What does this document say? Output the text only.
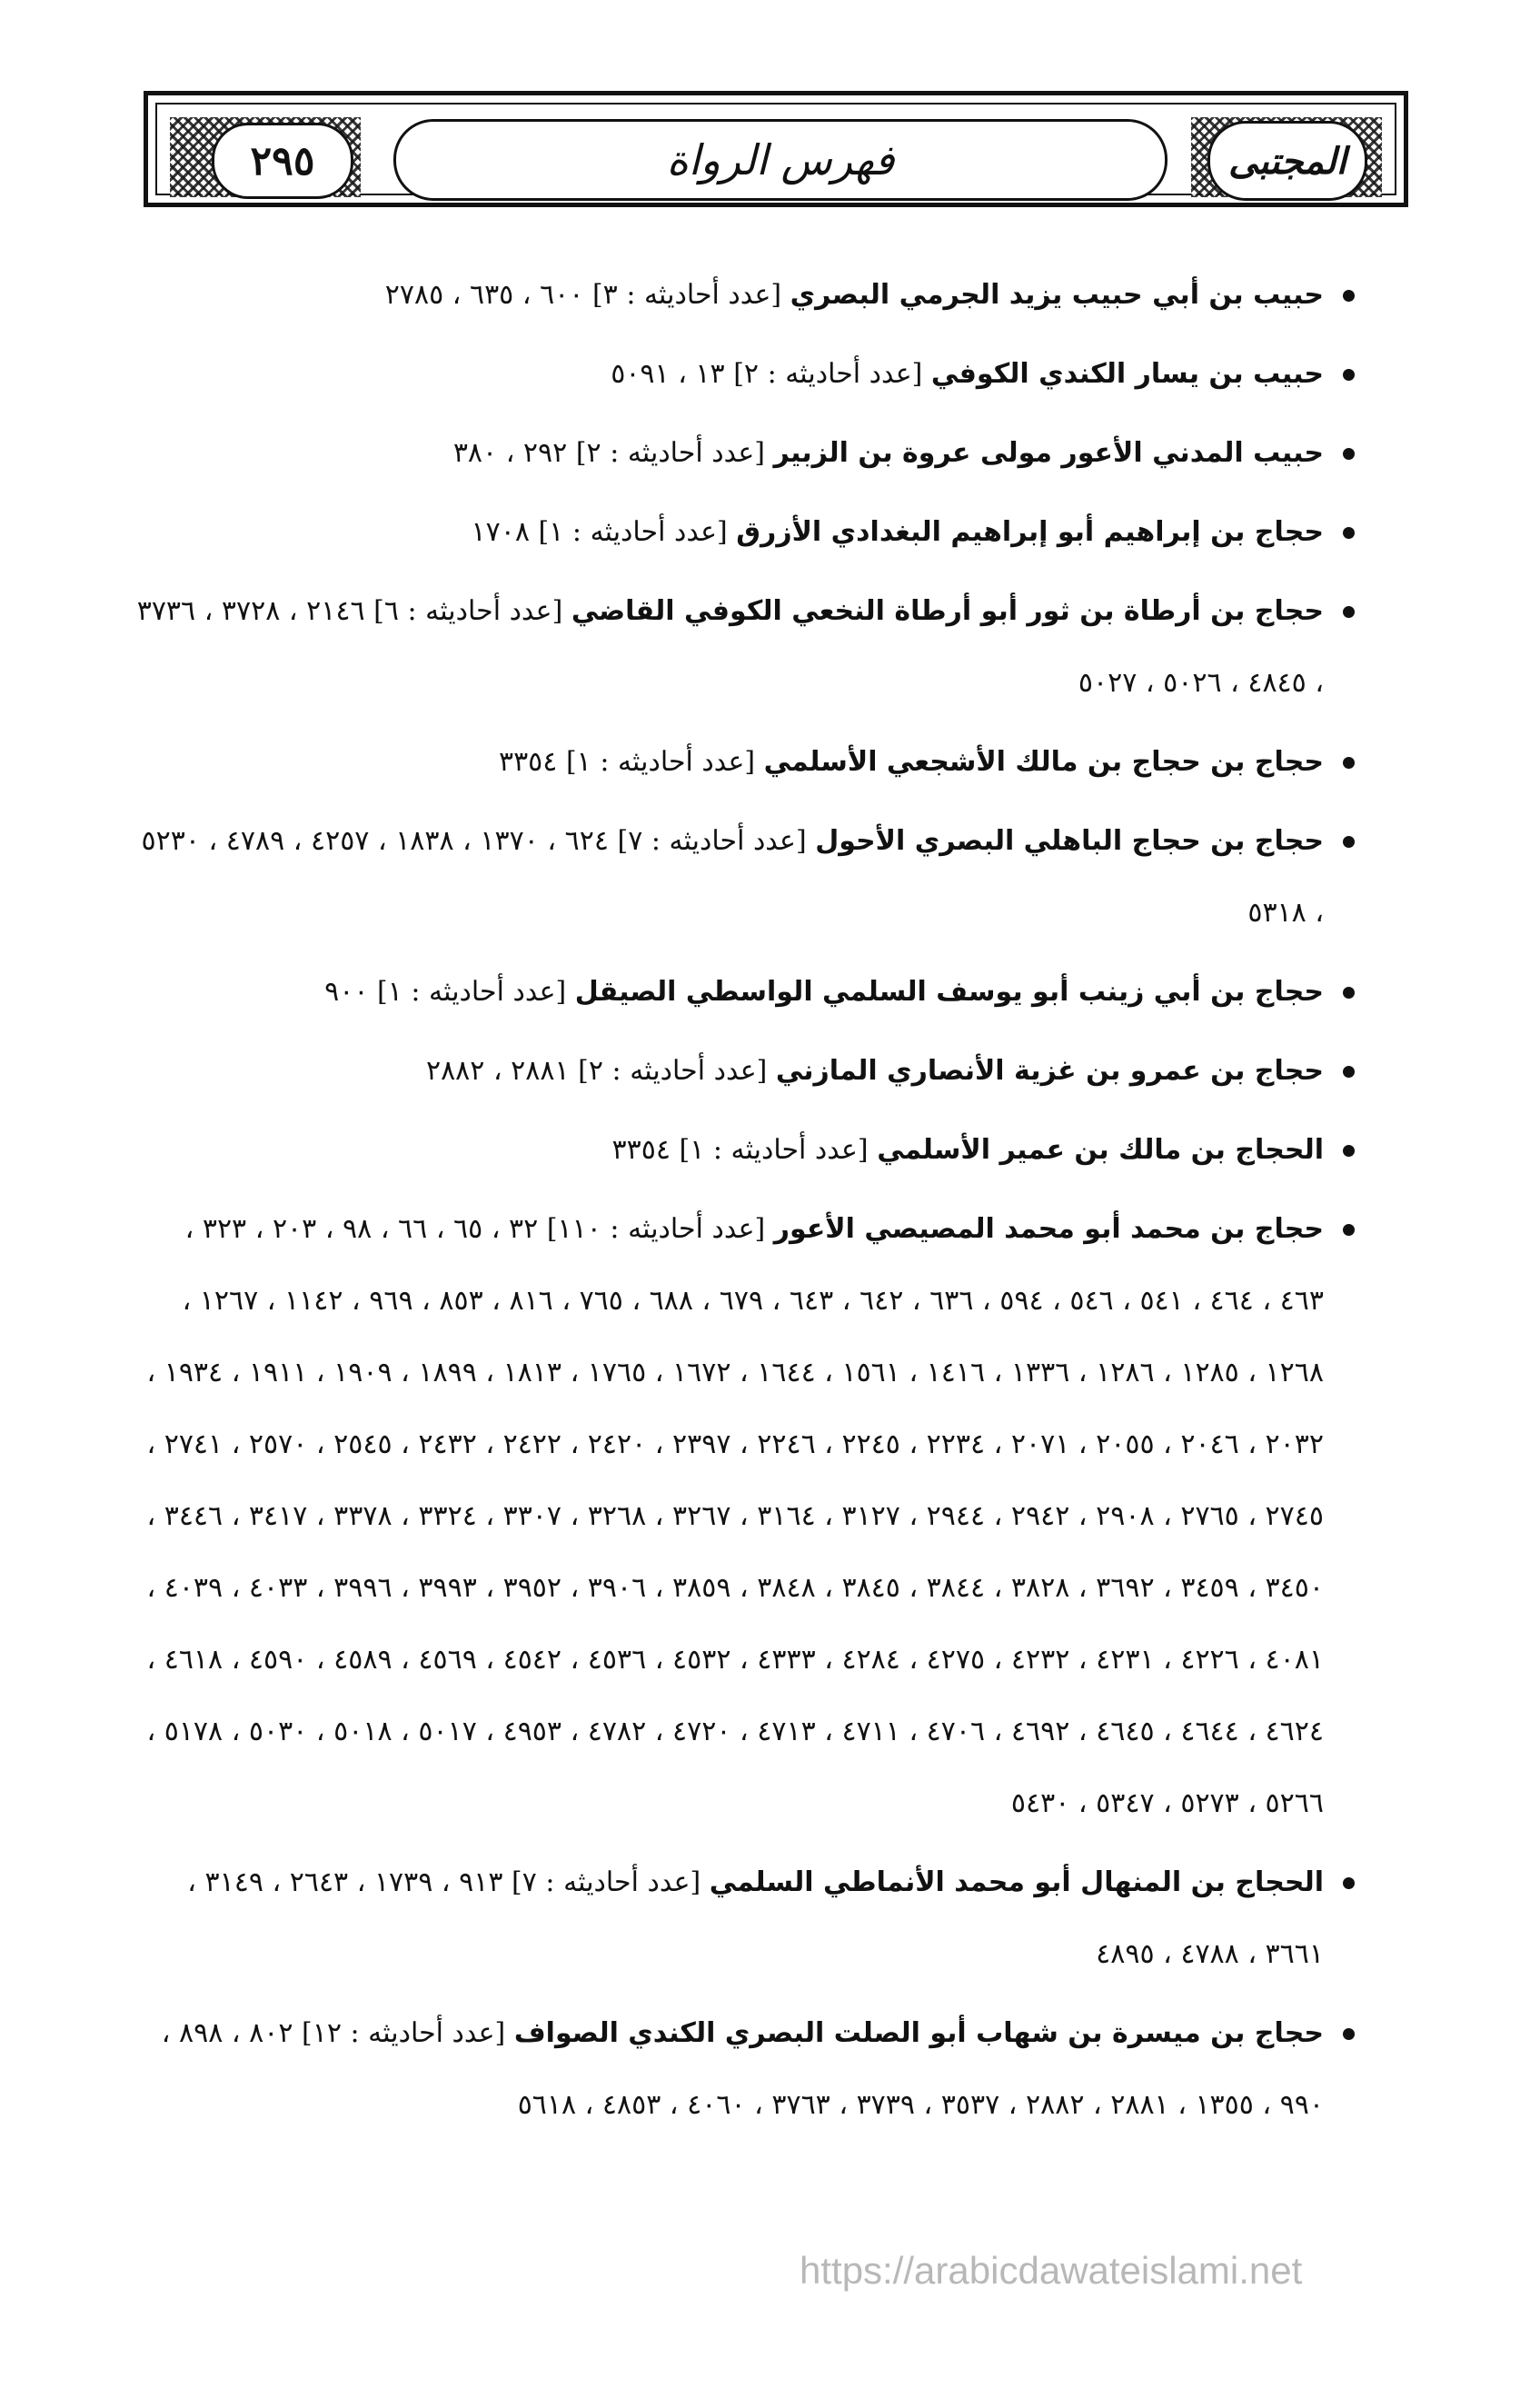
٢٩٥	فهرس الرواة	المجتبى
حبيب بن أبي حبيب يزيد الجرمي البصري [عدد أحاديثه : ٣] ٦٠٠ ، ٦٣٥ ، ٢٧٨٥
حبيب بن يسار الكندي الكوفي [عدد أحاديثه : ٢] ١٣ ، ٥٠٩١
حبيب المدني الأعور مولى عروة بن الزبير [عدد أحاديثه : ٢] ٢٩٢ ، ٣٨٠
حجاج بن إبراهيم أبو إبراهيم البغدادي الأزرق [عدد أحاديثه : ١] ١٧٠٨
حجاج بن أرطاة بن ثور أبو أرطاة النخعي الكوفي القاضي [عدد أحاديثه : ٦] ٢١٤٦ ، ٣٧٢٨ ، ٣٧٣٦ ، ٤٨٤٥ ، ٥٠٢٦ ، ٥٠٢٧
حجاج بن حجاج بن مالك الأشجعي الأسلمي [عدد أحاديثه : ١] ٣٣٥٤
حجاج بن حجاج الباهلي البصري الأحول [عدد أحاديثه : ٧] ٦٢٤ ، ١٣٧٠ ، ١٨٣٨ ، ٤٢٥٧ ، ٤٧٨٩ ، ٥٢٣٠ ، ٥٣١٨
حجاج بن أبي زينب أبو يوسف السلمي الواسطي الصيقل [عدد أحاديثه : ١] ٩٠٠
حجاج بن عمرو بن غزية الأنصاري المازني [عدد أحاديثه : ٢] ٢٨٨١ ، ٢٨٨٢
الحجاج بن مالك بن عمير الأسلمي [عدد أحاديثه : ١] ٣٣٥٤
حجاج بن محمد أبو محمد المصيصي الأعور [عدد أحاديثه : ١١٠] ٣٢ ، ٦٥ ، ٦٦ ، ٩٨ ، ٢٠٣ ، ٣٢٣ ، ٤٦٣ ، ٤٦٤ ، ٥٤١ ، ٥٤٦ ، ٥٩٤ ، ٦٣٦ ، ٦٤٢ ، ٦٤٣ ، ٦٧٩ ، ٦٨٨ ، ٧٦٥ ، ٨١٦ ، ٨٥٣ ، ٩٦٩ ، ١١٤٢ ، ١٢٦٧ ، ١٢٦٨ ، ١٢٨٥ ، ١٢٨٦ ، ١٣٣٦ ، ١٤١٦ ، ١٥٦١ ، ١٦٤٤ ، ١٦٧٢ ، ١٧٦٥ ، ١٨١٣ ، ١٨٩٩ ، ١٩٠٩ ، ١٩١١ ، ١٩٣٤ ، ٢٠٣٢ ، ٢٠٤٦ ، ٢٠٥٥ ، ٢٠٧١ ، ٢٢٣٤ ، ٢٢٤٥ ، ٢٢٤٦ ، ٢٣٩٧ ، ٢٤٢٠ ، ٢٤٢٢ ، ٢٤٣٢ ، ٢٥٤٥ ، ٢٥٧٠ ، ٢٧٤١ ، ٢٧٤٥ ، ٢٧٦٥ ، ٢٩٠٨ ، ٢٩٤٢ ، ٢٩٤٤ ، ٣١٢٧ ، ٣١٦٤ ، ٣٢٦٧ ، ٣٢٦٨ ، ٣٣٠٧ ، ٣٣٢٤ ، ٣٣٧٨ ، ٣٤١٧ ، ٣٤٤٦ ، ٣٤٥٠ ، ٣٤٥٩ ، ٣٦٩٢ ، ٣٨٢٨ ، ٣٨٤٤ ، ٣٨٤٥ ، ٣٨٤٨ ، ٣٨٥٩ ، ٣٩٠٦ ، ٣٩٥٢ ، ٣٩٩٣ ، ٣٩٩٦ ، ٤٠٣٣ ، ٤٠٣٩ ، ٤٠٨١ ، ٤٢٢٦ ، ٤٢٣١ ، ٤٢٣٢ ، ٤٢٧٥ ، ٤٢٨٤ ، ٤٣٣٣ ، ٤٥٣٢ ، ٤٥٣٦ ، ٤٥٤٢ ، ٤٥٦٩ ، ٤٥٨٩ ، ٤٥٩٠ ، ٤٦١٨ ، ٤٦٢٤ ، ٤٦٤٤ ، ٤٦٤٥ ، ٤٦٩٢ ، ٤٧٠٦ ، ٤٧١١ ، ٤٧١٣ ، ٤٧٢٠ ، ٤٧٨٢ ، ٤٩٥٣ ، ٥٠١٧ ، ٥٠١٨ ، ٥٠٣٠ ، ٥١٧٨ ، ٥٢٦٦ ، ٥٢٧٣ ، ٥٣٤٧ ، ٥٤٣٠
الحجاج بن المنهال أبو محمد الأنماطي السلمي [عدد أحاديثه : ٧] ٩١٣ ، ١٧٣٩ ، ٢٦٤٣ ، ٣١٤٩ ، ٣٦٦١ ، ٤٧٨٨ ، ٤٨٩٥
حجاج بن ميسرة بن شهاب أبو الصلت البصري الكندي الصواف [عدد أحاديثه : ١٢] ٨٠٢ ، ٨٩٨ ، ٩٩٠ ، ١٣٥٥ ، ٢٨٨١ ، ٢٨٨٢ ، ٣٥٣٧ ، ٣٧٣٩ ، ٣٧٦٣ ، ٤٠٦٠ ، ٤٨٥٣ ، ٥٦١٨
https://arabicdawateislami.net
